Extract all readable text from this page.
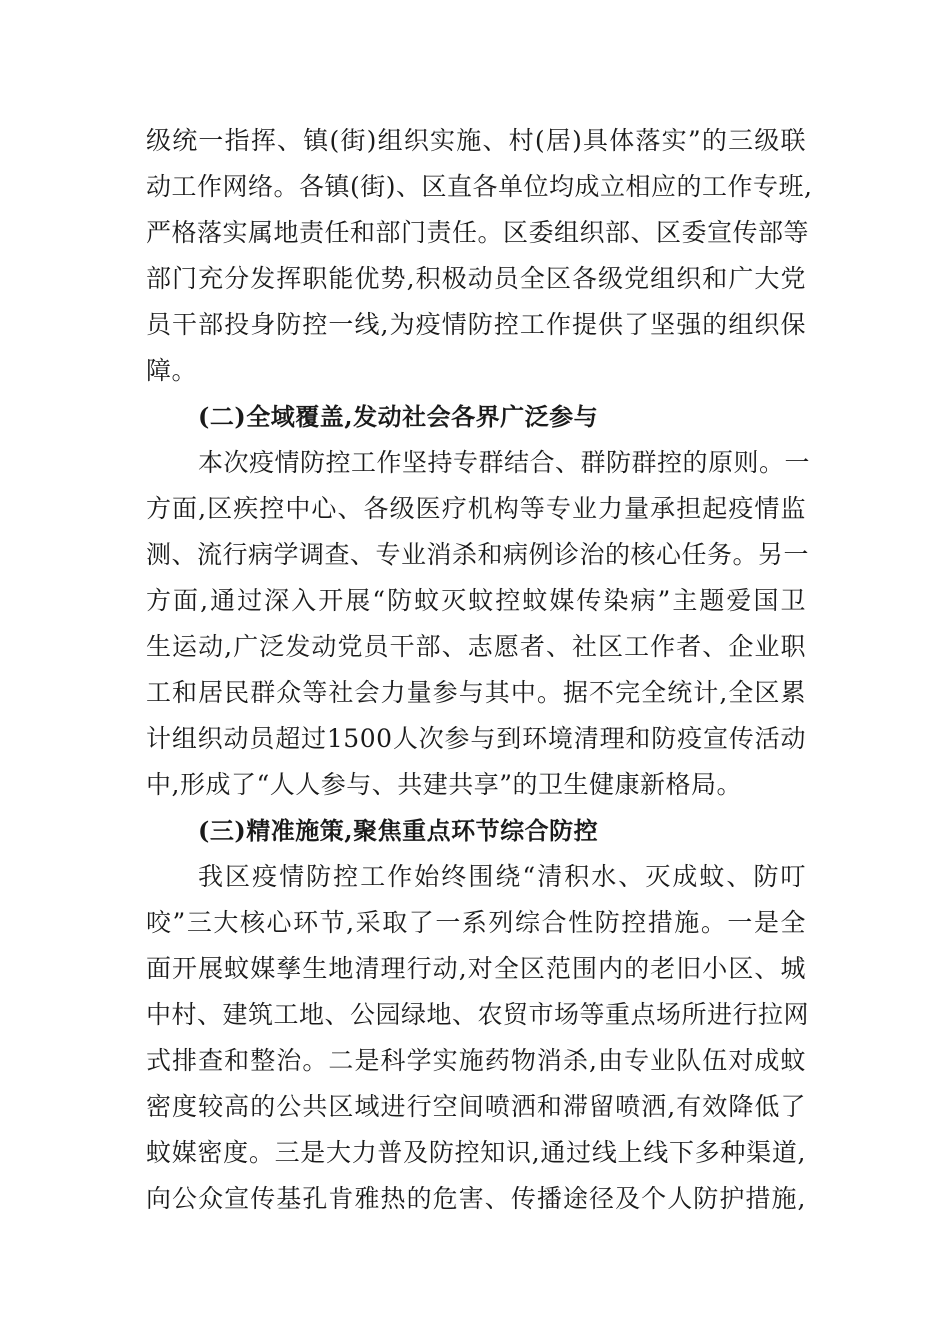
级统一指挥、镇(街)组织实施、村(居)具体落实”的三级联
动工作网络。各镇(街)、区直各单位均成立相应的工作专班,
严格落实属地责任和部门责任。区委组织部、区委宣传部等
部门充分发挥职能优势,积极动员全区各级党组织和广大党
员干部投身防控一线,为疫情防控工作提供了坚强的组织保
障。
(二)全域覆盖,发动社会各界广泛参与
本次疫情防控工作坚持专群结合、群防群控的原则。一
方面,区疾控中心、各级医疗机构等专业力量承担起疫情监
测、流行病学调查、专业消杀和病例诊治的核心任务。另一
方面,通过深入开展“防蚊灭蚊控蚊媒传染病”主题爱国卫
生运动,广泛发动党员干部、志愿者、社区工作者、企业职
工和居民群众等社会力量参与其中。据不完全统计,全区累
计组织动员超过1500人次参与到环境清理和防疫宣传活动
中,形成了“人人参与、共建共享”的卫生健康新格局。
(三)精准施策,聚焦重点环节综合防控
我区疫情防控工作始终围绕“清积水、灭成蚊、防叮
咬”三大核心环节,采取了一系列综合性防控措施。一是全
面开展蚊媒孳生地清理行动,对全区范围内的老旧小区、城
中村、建筑工地、公园绿地、农贸市场等重点场所进行拉网
式排查和整治。二是科学实施药物消杀,由专业队伍对成蚊
密度较高的公共区域进行空间喷洒和滞留喷洒,有效降低了
蚊媒密度。三是大力普及防控知识,通过线上线下多种渠道,
向公众宣传基孔肯雅热的危害、传播途径及个人防护措施,
